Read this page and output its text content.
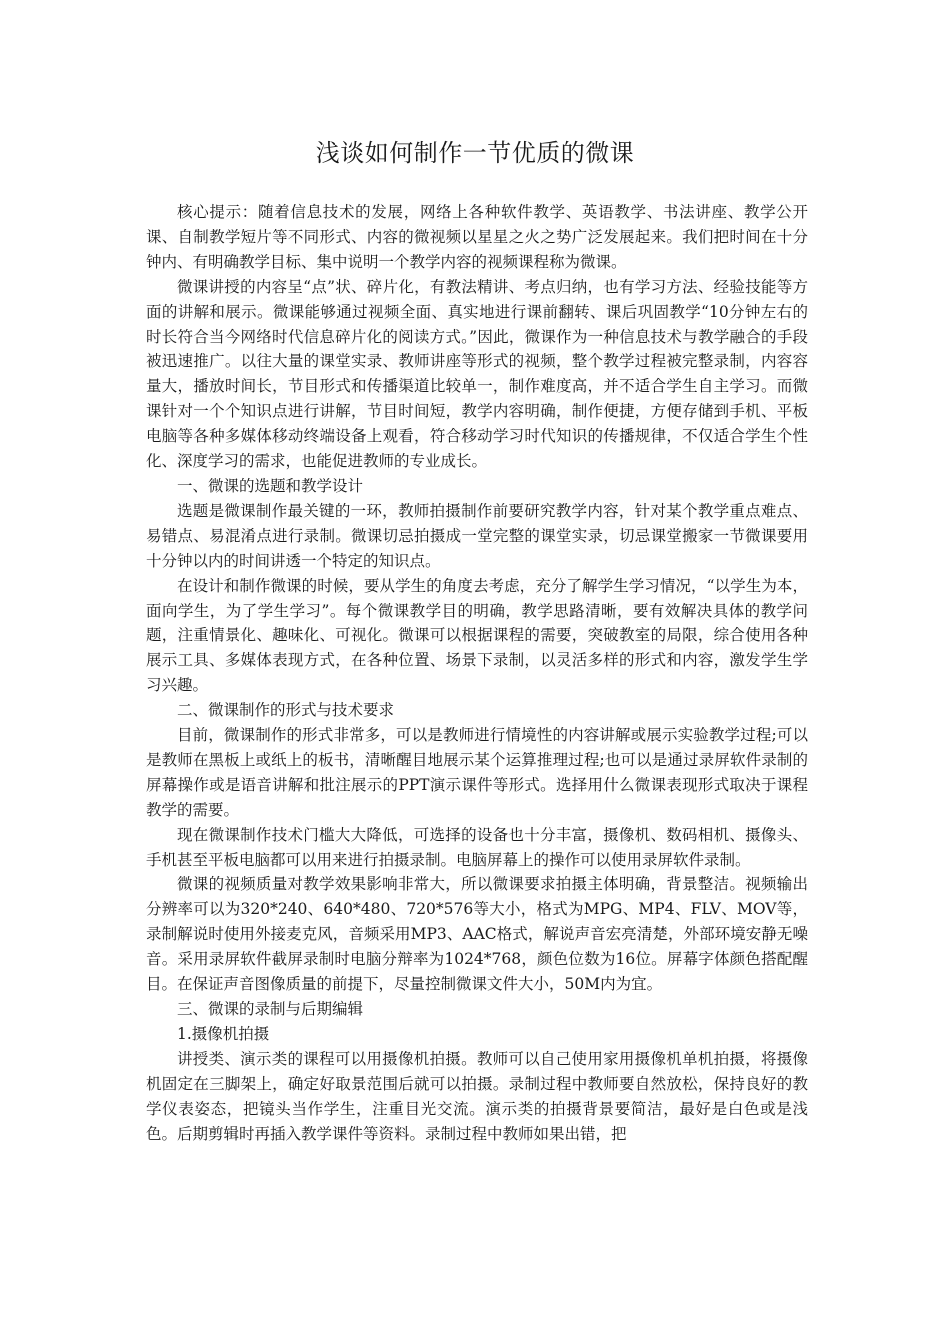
浅谈如何制作一节优质的微课

核心提示：随着信息技术的发展，网络上各种软件教学、英语教学、书法讲座、教学公开课、自制教学短片等不同形式、内容的微视频以星星之火之势广泛发展起来。我们把时间在十分钟内、有明确教学目标、集中说明一个教学内容的视频课程称为微课。

微课讲授的内容呈“点”状、碎片化，有教法精讲、考点归纳，也有学习方法、经验技能等方面的讲解和展示。微课能够通过视频全面、真实地进行课前翻转、课后巩固教学“10分钟左右的时长符合当今网络时代信息碎片化的阅读方式。”因此，微课作为一种信息技术与教学融合的手段被迅速推广。以往大量的课堂实录、教师讲座等形式的视频，整个教学过程被完整录制，内容容量大，播放时间长，节目形式和传播渠道比较单一，制作难度高，并不适合学生自主学习。而微课针对一个个知识点进行讲解，节目时间短，教学内容明确，制作便捷，方便存储到手机、平板电脑等各种多媒体移动终端设备上观看，符合移动学习时代知识的传播规律，不仅适合学生个性化、深度学习的需求，也能促进教师的专业成长。

一、微课的选题和教学设计

选题是微课制作最关键的一环，教师拍摄制作前要研究教学内容，针对某个教学重点难点、易错点、易混淆点进行录制。微课切忌拍摄成一堂完整的课堂实录，切忌课堂搬家一节微课要用十分钟以内的时间讲透一个特定的知识点。

在设计和制作微课的时候，要从学生的角度去考虑，充分了解学生学习情况，“以学生为本，面向学生，为了学生学习”。每个微课教学目的明确，教学思路清晰，要有效解决具体的教学问题，注重情景化、趣味化、可视化。微课可以根据课程的需要，突破教室的局限，综合使用各种展示工具、多媒体表现方式，在各种位置、场景下录制，以灵活多样的形式和内容，激发学生学习兴趣。

二、微课制作的形式与技术要求

目前，微课制作的形式非常多，可以是教师进行情境性的内容讲解或展示实验教学过程;可以是教师在黑板上或纸上的板书，清晰醒目地展示某个运算推理过程;也可以是通过录屏软件录制的屏幕操作或是语音讲解和批注展示的PPT演示课件等形式。选择用什么微课表现形式取决于课程教学的需要。

现在微课制作技术门槛大大降低，可选择的设备也十分丰富，摄像机、数码相机、摄像头、手机甚至平板电脑都可以用来进行拍摄录制。电脑屏幕上的操作可以使用录屏软件录制。

微课的视频质量对教学效果影响非常大，所以微课要求拍摄主体明确，背景整洁。视频输出分辨率可以为320*240、640*480、720*576等大小，格式为MPG、MP4、FLV、MOV等，录制解说时使用外接麦克风，音频采用MP3、AAC格式，解说声音宏亮清楚，外部环境安静无噪音。采用录屏软件截屏录制时电脑分辩率为1024*768，颜色位数为16位。屏幕字体颜色搭配醒目。在保证声音图像质量的前提下，尽量控制微课文件大小，50M内为宜。

三、微课的录制与后期编辑

1.摄像机拍摄

讲授类、演示类的课程可以用摄像机拍摄。教师可以自己使用家用摄像机单机拍摄，将摄像机固定在三脚架上，确定好取景范围后就可以拍摄。录制过程中教师要自然放松，保持良好的教学仪表姿态，把镜头当作学生，注重目光交流。演示类的拍摄背景要简洁，最好是白色或是浅色。后期剪辑时再插入教学课件等资料。录制过程中教师如果出错，把
